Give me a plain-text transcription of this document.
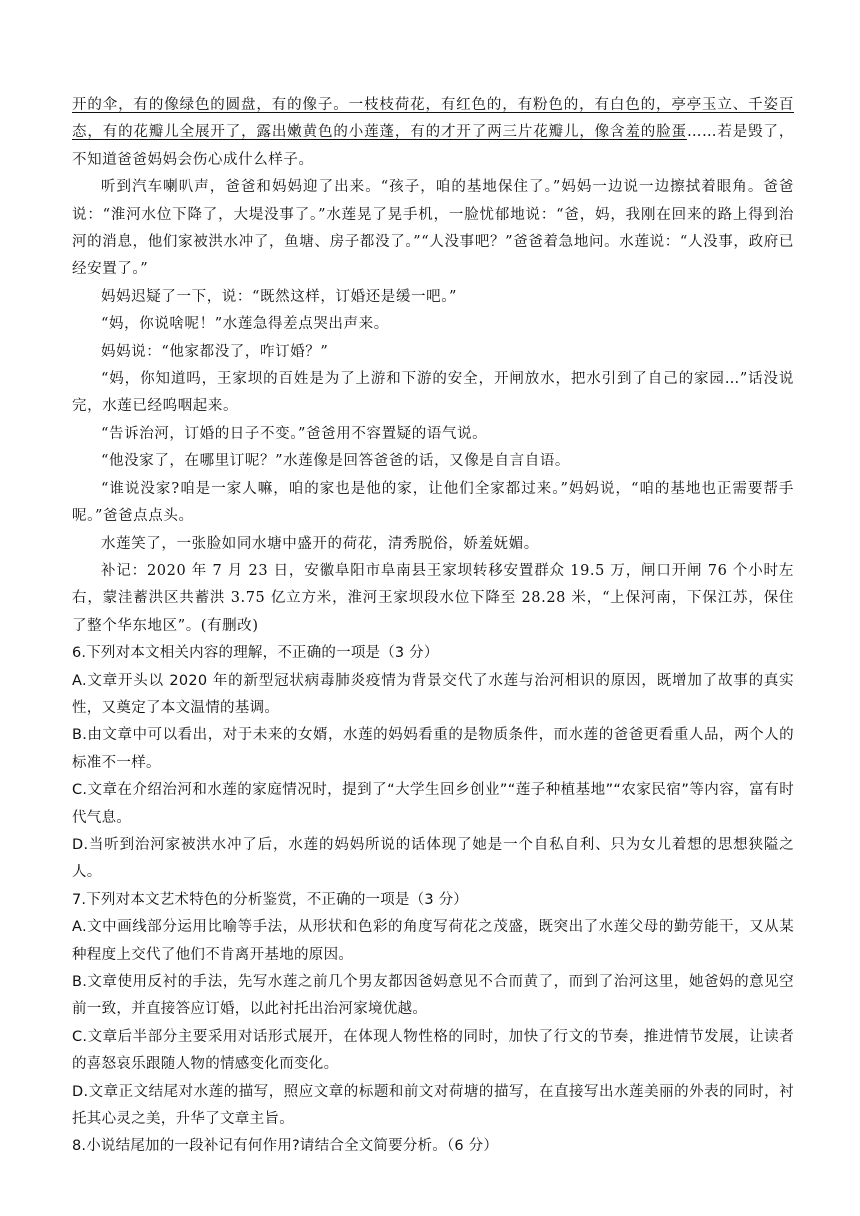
开的伞，有的像绿色的圆盘，有的像子。一枝枝荷花，有红色的，有粉色的，有白色的，亭亭玉立、千姿百态，有的花瓣儿全展开了，露出嫩黄色的小莲蓬，有的才开了两三片花瓣儿，像含羞的脸蛋……若是毁了，不知道爸爸妈妈会伤心成什么样子。

听到汽车喇叭声，爸爸和妈妈迎了出来。“孩子，咱的基地保住了。”妈妈一边说一边擦拭着眼角。爸爸说：“淮河水位下降了，大堤没事了。”水莲晃了晃手机，一脸忧郁地说：“爸，妈，我刚在回来的路上得到治河的消息，他们家被洪水冲了，鱼塘、房子都没了。”“人没事吧？”爸爸着急地问。水莲说：“人没事，政府已经安置了。”

妈妈迟疑了一下，说：“既然这样，订婚还是缓一吧。”

“妈，你说啥呢！”水莲急得差点哭出声来。

妈妈说：“他家都没了，咋订婚？”

“妈，你知道吗，王家坝的百姓是为了上游和下游的安全，开闸放水，把水引到了自己的家园…”话没说完，水莲已经呜咽起来。

“告诉治河，订婚的日子不变。”爸爸用不容置疑的语气说。

“他没家了，在哪里订呢？”水莲像是回答爸爸的话，又像是自言自语。

“谁说没家?咱是一家人嘛，咱的家也是他的家，让他们全家都过来。”妈妈说，“咱的基地也正需要帮手呢。”爸爸点点头。

水莲笑了，一张脸如同水塘中盛开的荷花，清秀脱俗，娇羞妩媚。

补记：2020 年 7 月 23 日，安徽阜阳市阜南县王家坝转移安置群众 19.5 万，闸口开闸 76 个小时左右，蒙洼蓄洪区共蓄洪 3.75 亿立方米，淮河王家坝段水位下降至 28.28 米，“上保河南，下保江苏，保住了整个华东地区”。(有删改)

6.下列对本文相关内容的理解，不正确的一项是（3 分）

A.文章开头以 2020 年的新型冠状病毒肺炎疫情为背景交代了水莲与治河相识的原因，既增加了故事的真实性，又奠定了本文温情的基调。

B.由文章中可以看出，对于未来的女婿，水莲的妈妈看重的是物质条件，而水莲的爸爸更看重人品，两个人的标准不一样。

C.文章在介绍治河和水莲的家庭情况时，提到了“大学生回乡创业”“莲子种植基地”“农家民宿”等内容，富有时代气息。

D.当听到治河家被洪水冲了后，水莲的妈妈所说的话体现了她是一个自私自利、只为女儿着想的思想狭隘之人。

7.下列对本文艺术特色的分析鉴赏，不正确的一项是（3 分）

A.文中画线部分运用比喻等手法，从形状和色彩的角度写荷花之茂盛，既突出了水莲父母的勤劳能干，又从某种程度上交代了他们不肯离开基地的原因。

B.文章使用反衬的手法，先写水莲之前几个男友都因爸妈意见不合而黄了，而到了治河这里，她爸妈的意见空前一致，并直接答应订婚，以此衬托出治河家境优越。

C.文章后半部分主要采用对话形式展开，在体现人物性格的同时，加快了行文的节奏，推进情节发展，让读者的喜怒哀乐跟随人物的情感变化而变化。

D.文章正文结尾对水莲的描写，照应文章的标题和前文对荷塘的描写，在直接写出水莲美丽的外表的同时，衬托其心灵之美，升华了文章主旨。

8.小说结尾加的一段补记有何作用?请结合全文简要分析。（6 分）
